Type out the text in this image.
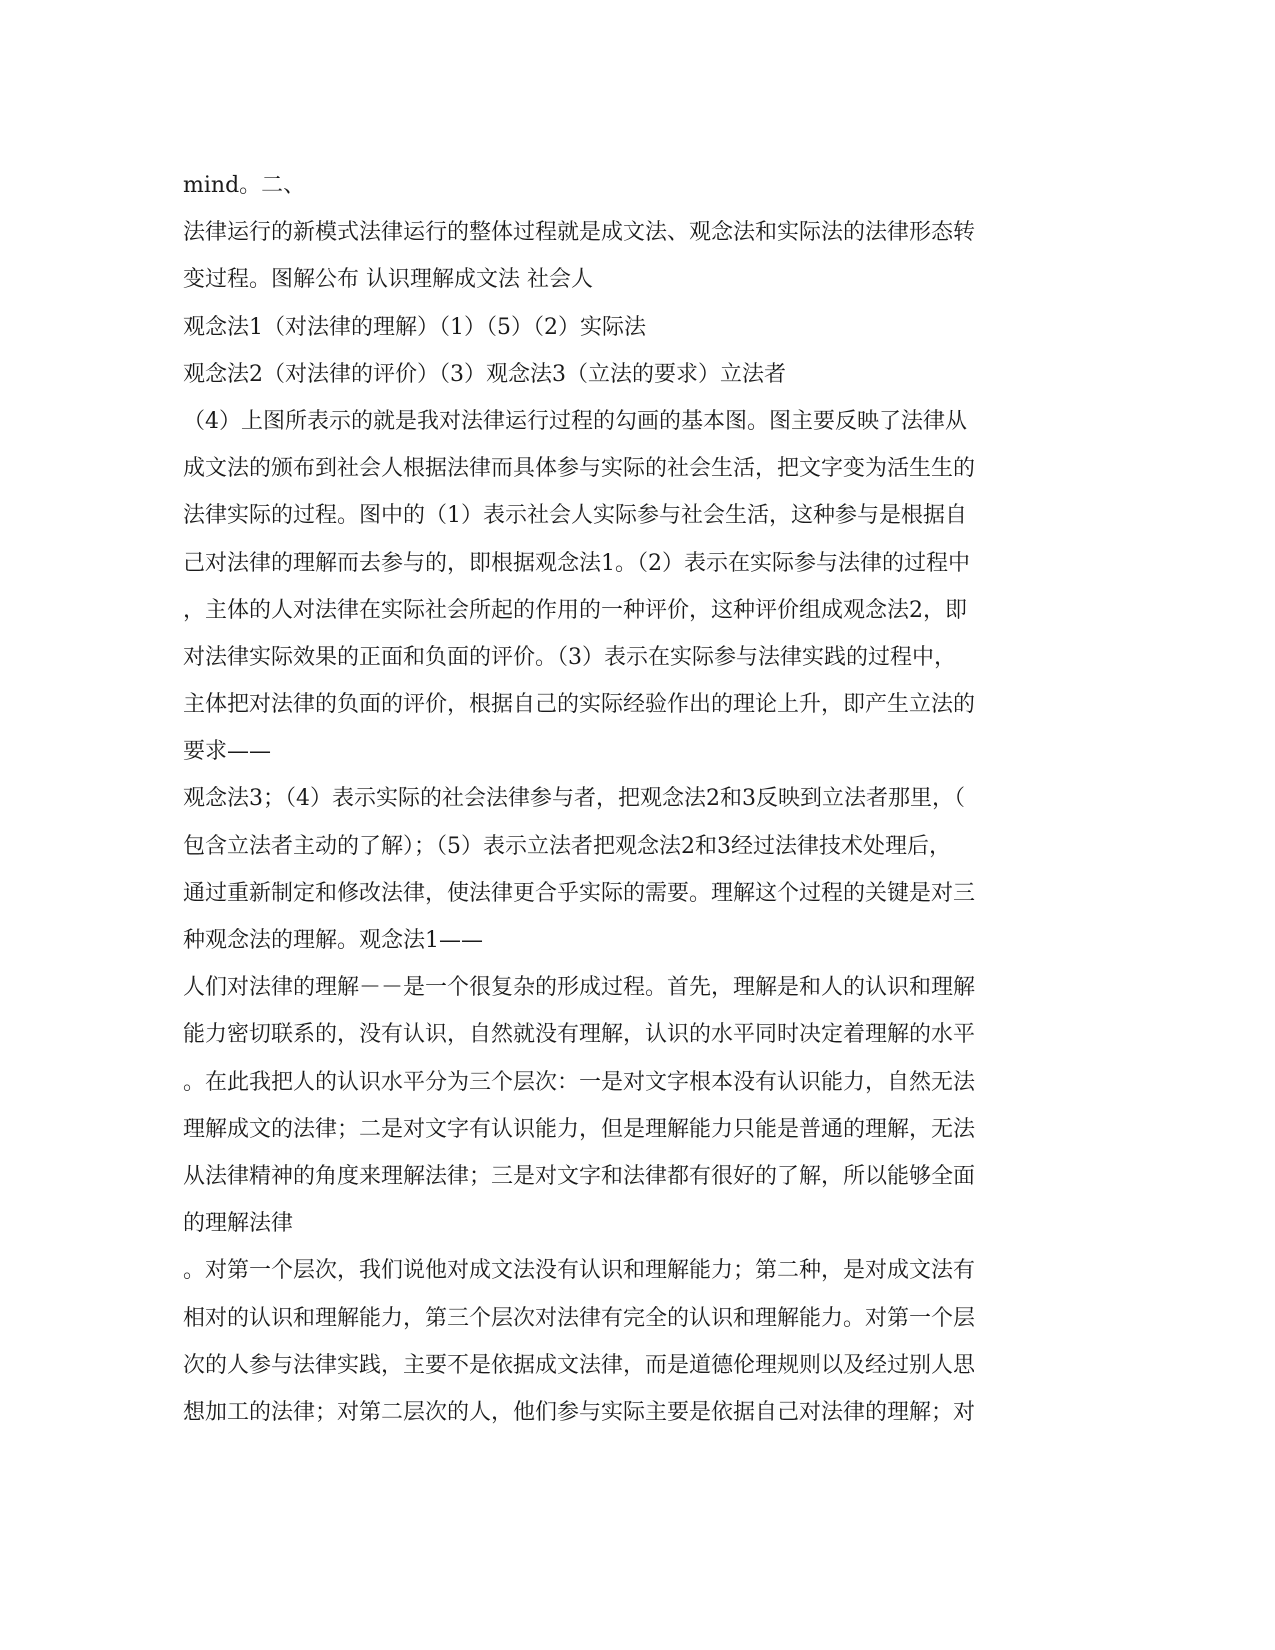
mind。二、
法律运行的新模式法律运行的整体过程就是成文法、观念法和实际法的法律形态转
变过程。图解公布 认识理解成文法 社会人
观念法1（对法律的理解）（1）（5）（2）实际法
观念法2（对法律的评价）（3）观念法3（立法的要求）立法者
（4）上图所表示的就是我对法律运行过程的勾画的基本图。图主要反映了法律从
成文法的颁布到社会人根据法律而具体参与实际的社会生活，把文字变为活生生的
法律实际的过程。图中的（1）表示社会人实际参与社会生活，这种参与是根据自
己对法律的理解而去参与的，即根据观念法1。（2）表示在实际参与法律的过程中
，主体的人对法律在实际社会所起的作用的一种评价，这种评价组成观念法2，即
对法律实际效果的正面和负面的评价。（3）表示在实际参与法律实践的过程中，
主体把对法律的负面的评价，根据自己的实际经验作出的理论上升，即产生立法的
要求——
观念法3；（4）表示实际的社会法律参与者，把观念法2和3反映到立法者那里，（
包含立法者主动的了解）；（5）表示立法者把观念法2和3经过法律技术处理后，
通过重新制定和修改法律，使法律更合乎实际的需要。理解这个过程的关键是对三
种观念法的理解。观念法1——
人们对法律的理解－－是一个很复杂的形成过程。首先，理解是和人的认识和理解
能力密切联系的，没有认识，自然就没有理解，认识的水平同时决定着理解的水平
。在此我把人的认识水平分为三个层次：一是对文字根本没有认识能力，自然无法
理解成文的法律；二是对文字有认识能力，但是理解能力只能是普通的理解，无法
从法律精神的角度来理解法律；三是对文字和法律都有很好的了解，所以能够全面
的理解法律
。对第一个层次，我们说他对成文法没有认识和理解能力；第二种，是对成文法有
相对的认识和理解能力，第三个层次对法律有完全的认识和理解能力。对第一个层
次的人参与法律实践，主要不是依据成文法律，而是道德伦理规则以及经过别人思
想加工的法律；对第二层次的人，他们参与实际主要是依据自己对法律的理解；对
